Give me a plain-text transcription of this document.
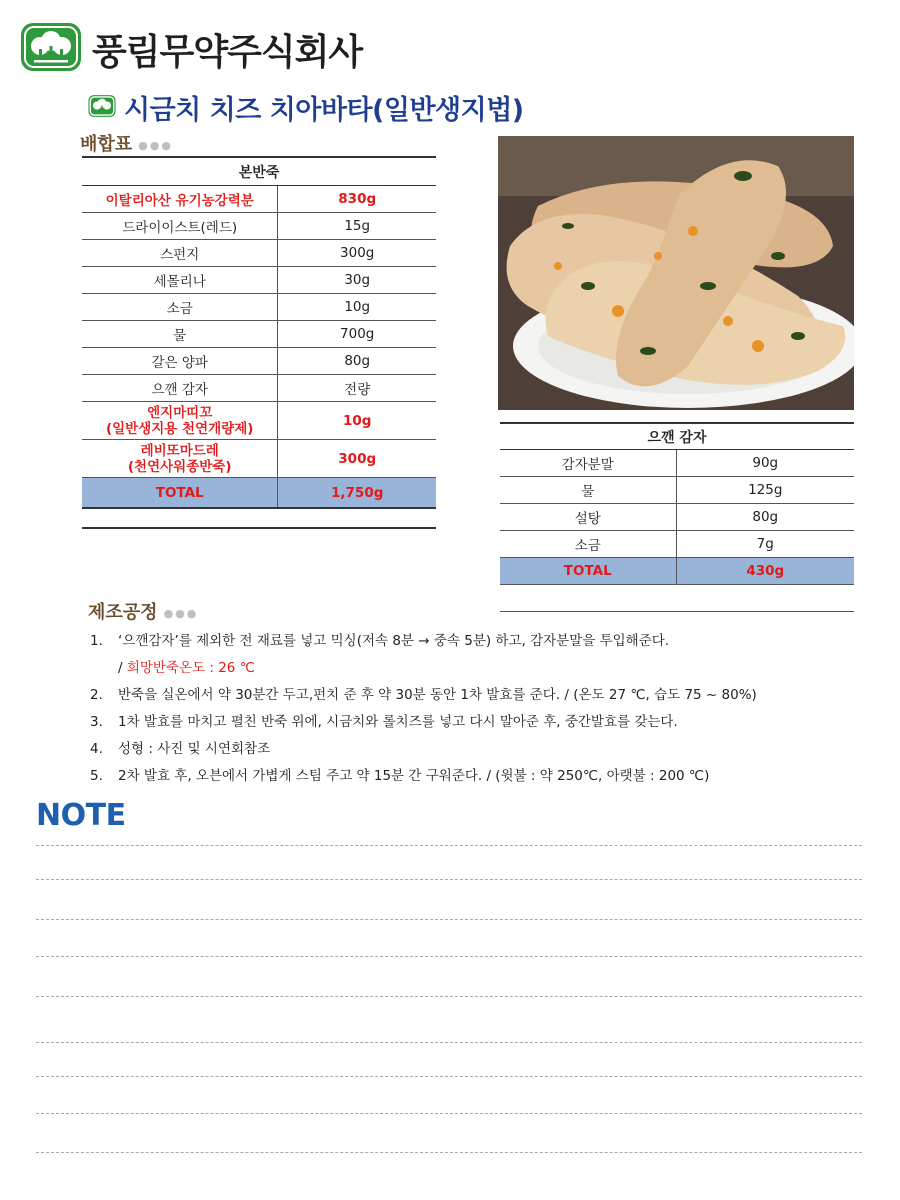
풍림무약주식회사
시금치 치즈 치아바타(일반생지법)
배합표 ●●●
본반죽	
이탈리아산 유기농강력분	830g
드라이이스트(레드)	15g
스펀지	300g
세몰리나	30g
소금	10g
물	700g
갈은 양파	80g
으깬 감자	전량

엔지마띠꼬
(일반생지용 천연개량제)	10g

레비또마드레
(천연사워종반죽)	300g
TOTAL	1,750g

으깬 감자	
감자분말	90g
물	125g
설탕	80g
소금	7g
TOTAL	430g

제조공정 ●●●
1.	‘으깬감자’를 제외한 전 재료를 넣고 믹싱(저속 8분 → 중속 5분) 하고, 감자분말을 투입해준다.
/ 희망반죽온도 : 26 ℃
2.	반죽을 실온에서 약 30분간 두고,펀치 준 후 약 30분 동안 1차 발효를 준다. / (온도 27 ℃, 습도 75 ~ 80%)
3.	1차 발효를 마치고 펼친 반죽 위에, 시금치와 롤치즈를 넣고 다시 말아준 후, 중간발효를 갖는다.
4.	성형 : 사진 및 시연회참조
5.	2차 발효 후, 오븐에서 가볍게 스팀 주고 약 15분 간 구워준다. / (윗불 : 약 250℃, 아랫불 : 200 ℃)
NOTE
